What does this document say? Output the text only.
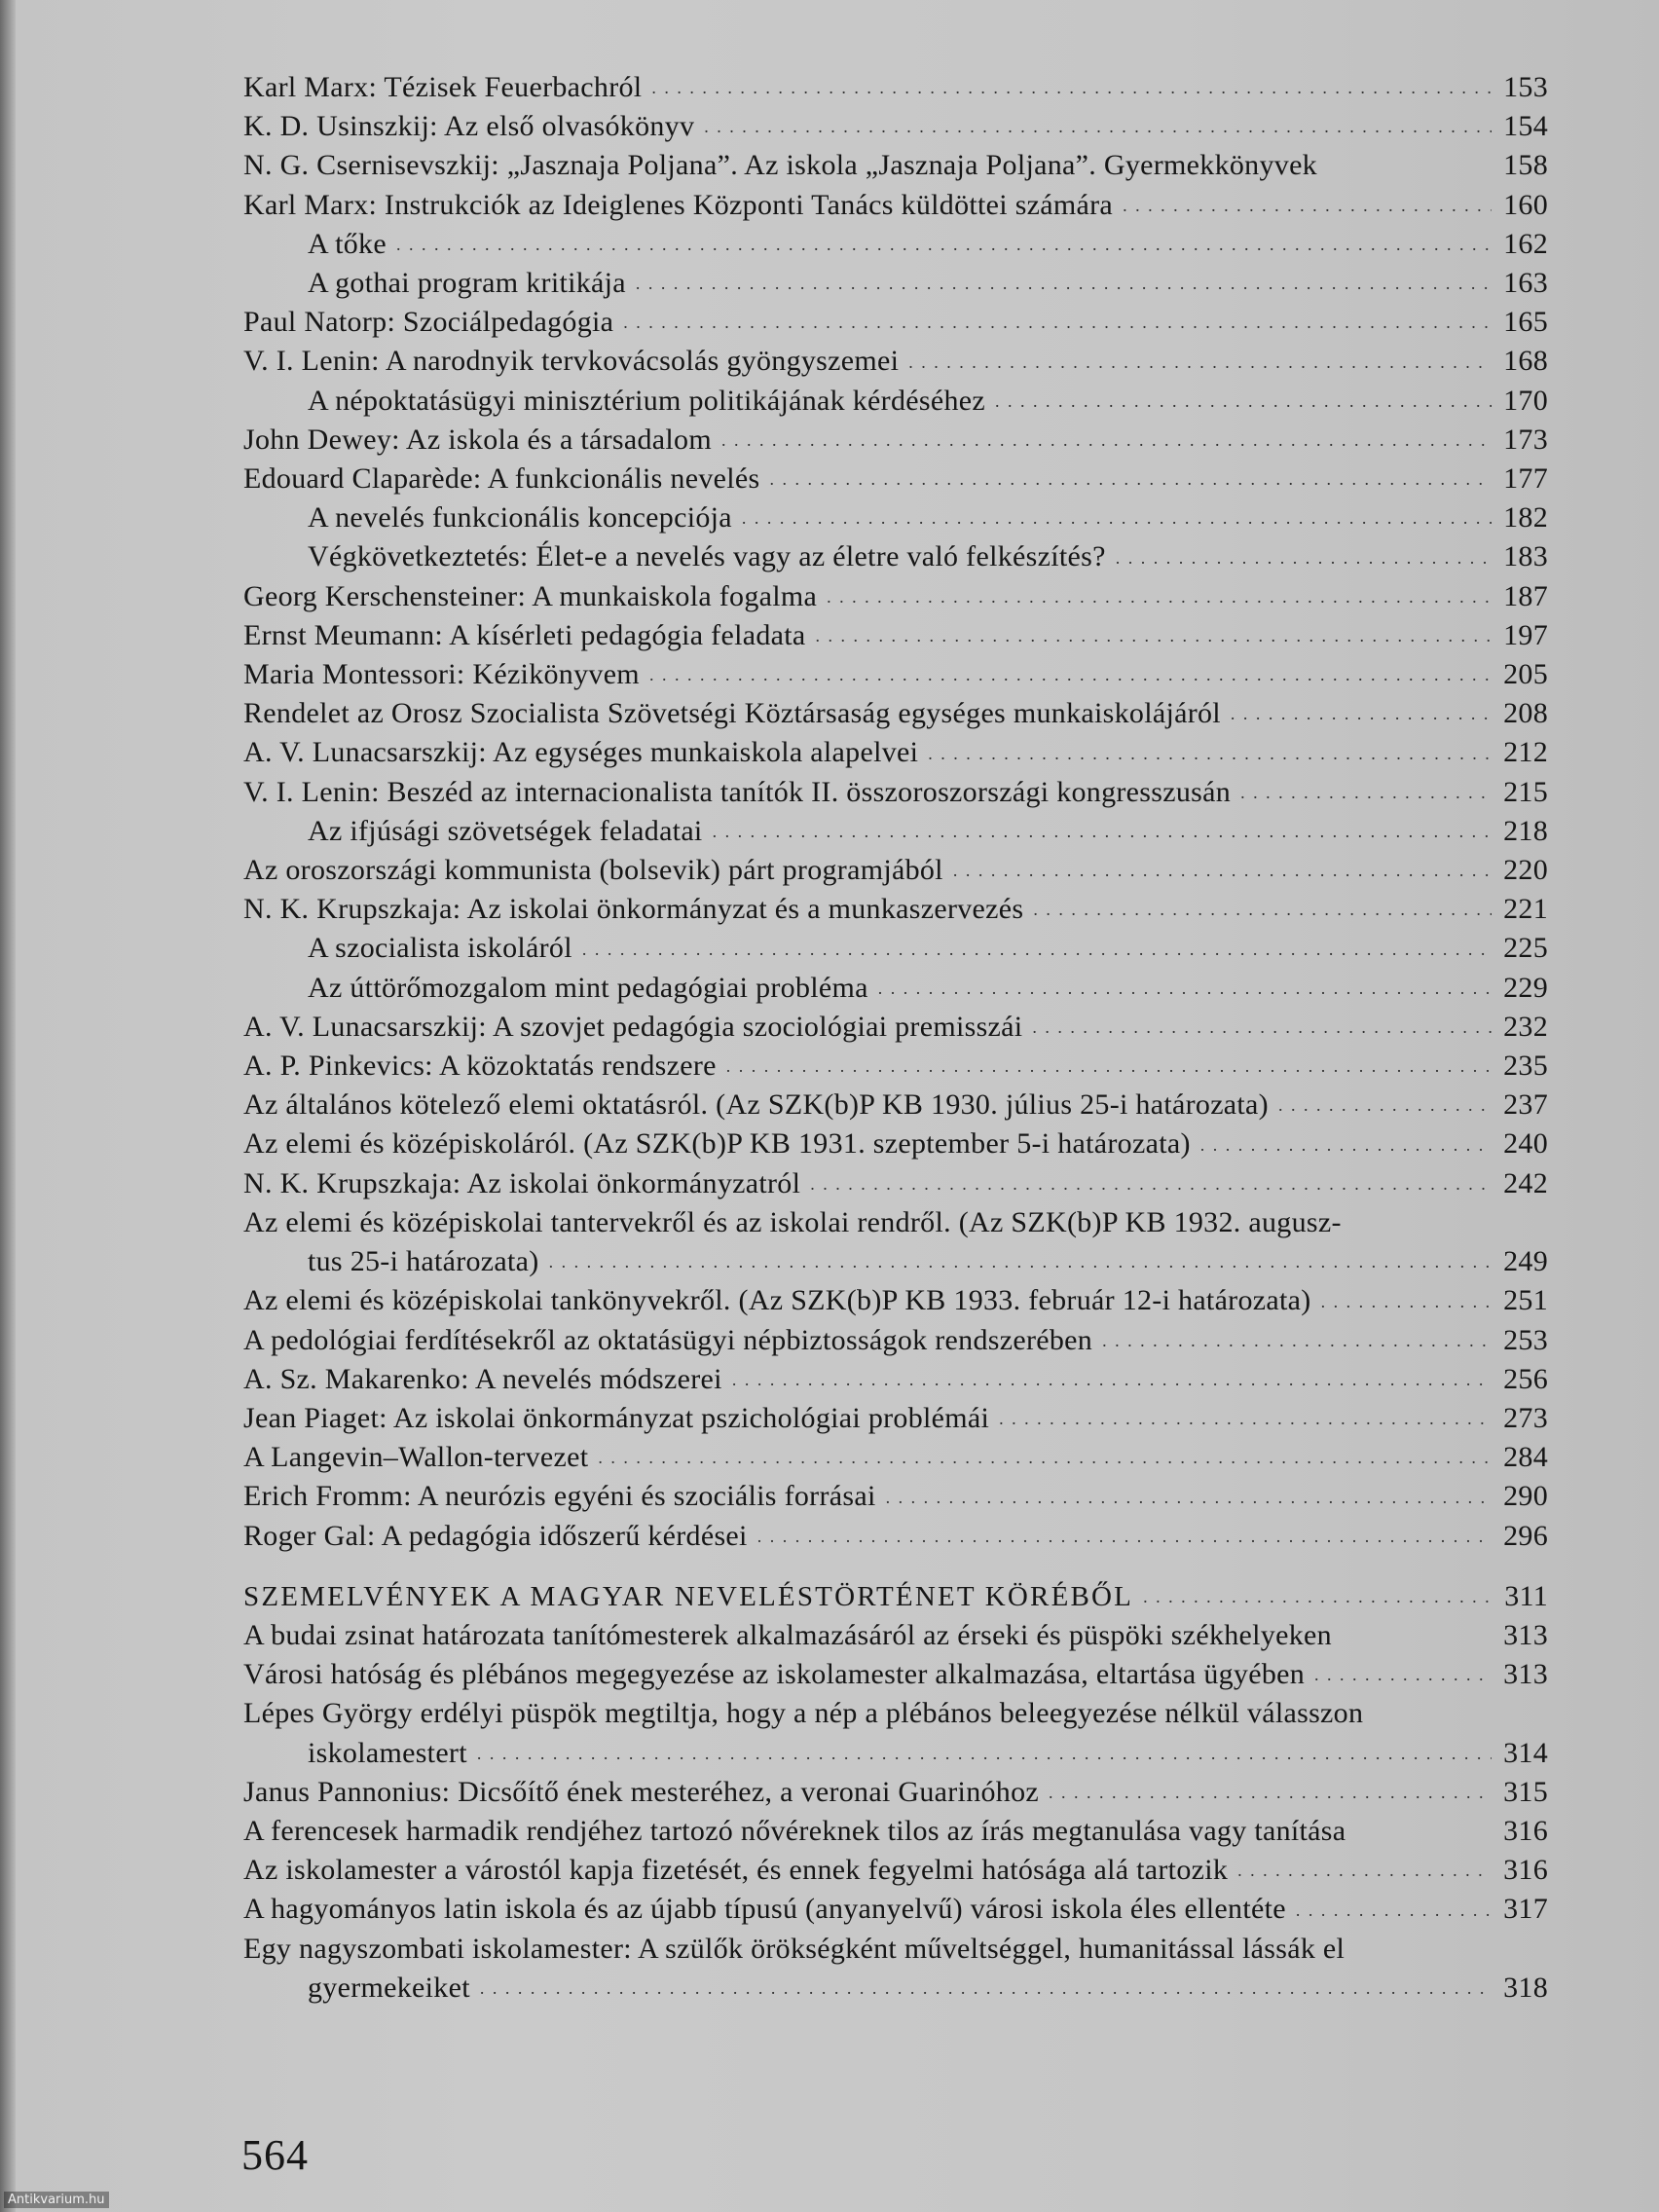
Karl Marx: Tézisek Feuerbachról . . .	153
K. D. Usinszkij: Az első olvasókönyv . . .	154
N. G. Csernisevszkij: „Jasznaja Poljana”. Az iskola „Jasznaja Poljana”. Gyermekkönyvek	158
Karl Marx: Instrukciók az Ideiglenes Központi Tanács küldöttei számára . . .	160
A tőke . . .	162
A gothai program kritikája . . .	163
Paul Natorp: Szociálpedagógia . . .	165
V. I. Lenin: A narodnyik tervkovácsolás gyöngyszemei . . .	168
A népoktatásügyi minisztérium politikájának kérdéséhez . . .	170
John Dewey: Az iskola és a társadalom . . .	173
Edouard Claparède: A funkcionális nevelés . . .	177
A nevelés funkcionális koncepciója . . .	182
Végkövetkeztetés: Élet-e a nevelés vagy az életre való felkészítés? . . .	183
Georg Kerschensteiner: A munkaiskola fogalma . . .	187
Ernst Meumann: A kísérleti pedagógia feladata . . .	197
Maria Montessori: Kézikönyvem . . .	205
Rendelet az Orosz Szocialista Szövetségi Köztársaság egységes munkaiskolájáról . . .	208
A. V. Lunacsarszkij: Az egységes munkaiskola alapelvei . . .	212
V. I. Lenin: Beszéd az internacionalista tanítók II. összoroszországi kongresszusán . . .	215
Az ifjúsági szövetségek feladatai . . .	218
Az oroszországi kommunista (bolsevik) párt programjából . . .	220
N. K. Krupszkaja: Az iskolai önkormányzat és a munkaszervezés . . .	221
A szocialista iskoláról . . .	225
Az úttörőmozgalom mint pedagógiai probléma . . .	229
A. V. Lunacsarszkij: A szovjet pedagógia szociológiai premisszái . . .	232
A. P. Pinkevics: A közoktatás rendszere . . .	235
Az általános kötelező elemi oktatásról. (Az SZK(b)P KB 1930. július 25-i határozata) . . .	237
Az elemi és középiskoláról. (Az SZK(b)P KB 1931. szeptember 5-i határozata) . . .	240
N. K. Krupszkaja: Az iskolai önkormányzatról . . .	242
Az elemi és középiskolai tantervekről és az iskolai rendről. (Az SZK(b)P KB 1932. augusz-
tus 25-i határozata) . . .	249
Az elemi és középiskolai tankönyvekről. (Az SZK(b)P KB 1933. február 12-i határozata) . . .	251
A pedológiai ferdítésekről az oktatásügyi népbiztosságok rendszerében . . .	253
A. Sz. Makarenko: A nevelés módszerei . . .	256
Jean Piaget: Az iskolai önkormányzat pszichológiai problémái . . .	273
A Langevin–Wallon-tervezet . . .	284
Erich Fromm: A neurózis egyéni és szociális forrásai . . .	290
Roger Gal: A pedagógia időszerű kérdései . . .	296
SZEMELVÉNYEK A MAGYAR NEVELÉSTÖRTÉNET KÖRÉBŐL . . .	311
A budai zsinat határozata tanítómesterek alkalmazásáról az érseki és püspöki székhelyeken	313
Városi hatóság és plébános megegyezése az iskolamester alkalmazása, eltartása ügyében . . .	313
Lépes György erdélyi püspök megtiltja, hogy a nép a plébános beleegyezése nélkül válasszon
iskolamestert . . .	314
Janus Pannonius: Dicsőítő ének mesteréhez, a veronai Guarinóhoz . . .	315
A ferencesek harmadik rendjéhez tartozó nővéreknek tilos az írás megtanulása vagy tanítása	316
Az iskolamester a várostól kapja fizetését, és ennek fegyelmi hatósága alá tartozik . . .	316
A hagyományos latin iskola és az újabb típusú (anyanyelvű) városi iskola éles ellentéte . . .	317
Egy nagyszombati iskolamester: A szülők örökségként műveltséggel, humanitással lássák el
gyermekeiket . . .	318
564
Antikvarium.hu
